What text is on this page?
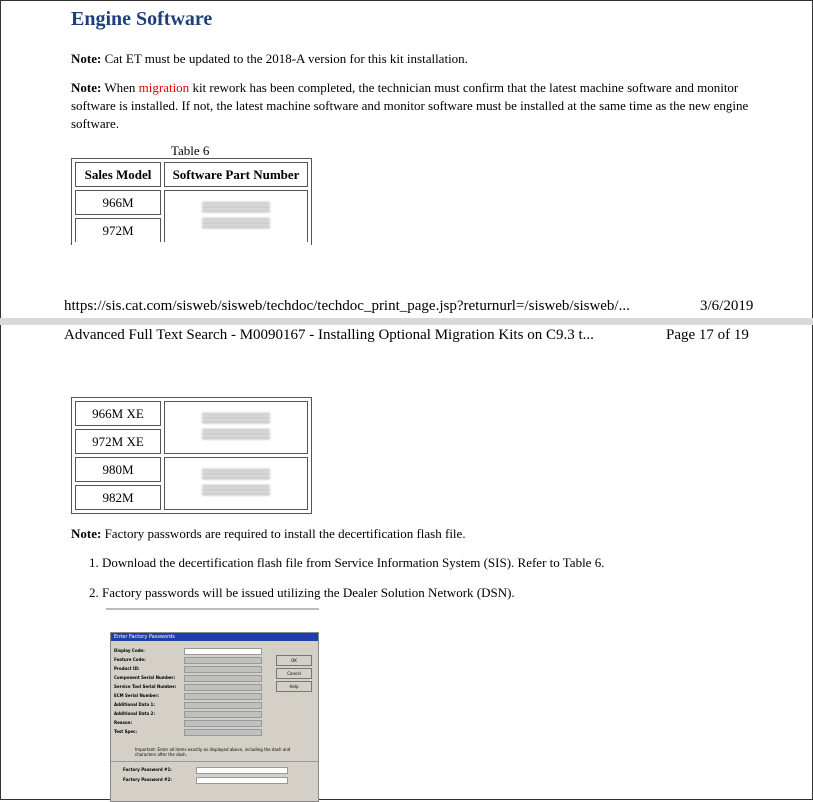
Engine Software
Note: Cat ET must be updated to the 2018-A version for this kit installation.
Note: When migration kit rework has been completed, the technician must confirm that the latest machine software and monitor software is installed. If not, the latest machine software and monitor software must be installed at the same time as the new engine software.
Table 6
Sales Model	Software Part Number
966M	

972M	
https://sis.cat.com/sisweb/sisweb/techdoc/techdoc_print_page.jsp?returnurl=/sisweb/sisweb/...	3/6/2019
Advanced Full Text Search - M0090167 - Installing Optional Migration Kits on C9.3 t...	Page 17 of 19
966M XE	

972M XE	
980M	

982M	
Note: Factory passwords are required to install the decertification flash file.
1. Download the decertification flash file from Service Information System (SIS). Refer to Table 6.
2. Factory passwords will be issued utilizing the Dealer Solution Network (DSN).
Enter Factory Passwords
Display Code:
Feature Code:
Product ID:
Component Serial Number:
Service Tool Serial Number:
ECM Serial Number:
Additional Data 1:
Additional Data 2:
Reason:
Test Spec:
OK
Cancel
Help
Important: Enter all items exactly as displayed above, including the dash and characters after the dash.
Factory Password #1:
Factory Password #2:
